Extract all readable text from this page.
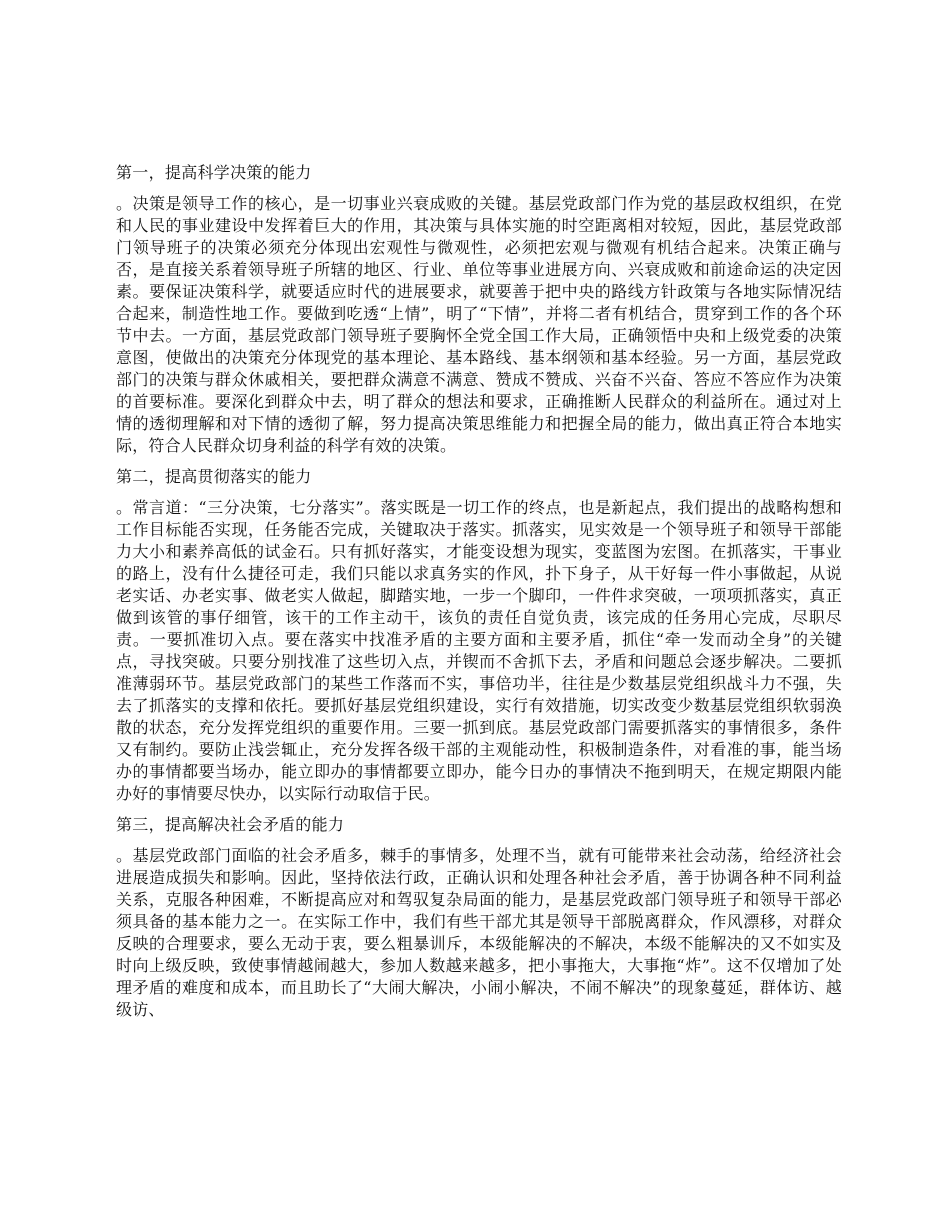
第一，提高科学决策的能力

。决策是领导工作的核心，是一切事业兴衰成败的关键。基层党政部门作为党的基层政权组织，在党和人民的事业建设中发挥着巨大的作用，其决策与具体实施的时空距离相对较短，因此，基层党政部门领导班子的决策必须充分体现出宏观性与微观性，必须把宏观与微观有机结合起来。决策正确与否，是直接关系着领导班子所辖的地区、行业、单位等事业进展方向、兴衰成败和前途命运的决定因素。要保证决策科学，就要适应时代的进展要求，就要善于把中央的路线方针政策与各地实际情况结合起来，制造性地工作。要做到吃透“上情”，明了“下情”，并将二者有机结合，贯穿到工作的各个环节中去。一方面，基层党政部门领导班子要胸怀全党全国工作大局，正确领悟中央和上级党委的决策意图，使做出的决策充分体现党的基本理论、基本路线、基本纲领和基本经验。另一方面，基层党政部门的决策与群众休戚相关，要把群众满意不满意、赞成不赞成、兴奋不兴奋、答应不答应作为决策的首要标准。要深化到群众中去，明了群众的想法和要求，正确推断人民群众的利益所在。通过对上情的透彻理解和对下情的透彻了解，努力提高决策思维能力和把握全局的能力，做出真正符合本地实际，符合人民群众切身利益的科学有效的决策。

第二，提高贯彻落实的能力

。常言道：“三分决策，七分落实”。落实既是一切工作的终点，也是新起点，我们提出的战略构想和工作目标能否实现，任务能否完成，关键取决于落实。抓落实，见实效是一个领导班子和领导干部能力大小和素养高低的试金石。只有抓好落实，才能变设想为现实，变蓝图为宏图。在抓落实，干事业的路上，没有什么捷径可走，我们只能以求真务实的作风，扑下身子，从干好每一件小事做起，从说老实话、办老实事、做老实人做起，脚踏实地，一步一个脚印，一件件求突破，一项项抓落实，真正做到该管的事仔细管，该干的工作主动干，该负的责任自觉负责，该完成的任务用心完成，尽职尽责。一要抓准切入点。要在落实中找准矛盾的主要方面和主要矛盾，抓住“牵一发而动全身”的关键点，寻找突破。只要分别找准了这些切入点，并锲而不舍抓下去，矛盾和问题总会逐步解决。二要抓准薄弱环节。基层党政部门的某些工作落而不实，事倍功半，往往是少数基层党组织战斗力不强，失去了抓落实的支撑和依托。要抓好基层党组织建设，实行有效措施，切实改变少数基层党组织软弱涣散的状态，充分发挥党组织的重要作用。三要一抓到底。基层党政部门需要抓落实的事情很多，条件又有制约。要防止浅尝辄止，充分发挥各级干部的主观能动性，积极制造条件，对看准的事，能当场办的事情都要当场办，能立即办的事情都要立即办，能今日办的事情决不拖到明天，在规定期限内能办好的事情要尽快办，以实际行动取信于民。

第三，提高解决社会矛盾的能力

。基层党政部门面临的社会矛盾多，棘手的事情多，处理不当，就有可能带来社会动荡，给经济社会进展造成损失和影响。因此，坚持依法行政，正确认识和处理各种社会矛盾，善于协调各种不同利益关系，克服各种困难，不断提高应对和驾驭复杂局面的能力，是基层党政部门领导班子和领导干部必须具备的基本能力之一。在实际工作中，我们有些干部尤其是领导干部脱离群众，作风漂移，对群众反映的合理要求，要么无动于衷，要么粗暴训斥，本级能解决的不解决，本级不能解决的又不如实及时向上级反映，致使事情越闹越大，参加人数越来越多，把小事拖大，大事拖“炸”。这不仅增加了处理矛盾的难度和成本，而且助长了“大闹大解决，小闹小解决，不闹不解决”的现象蔓延，群体访、越级访、
